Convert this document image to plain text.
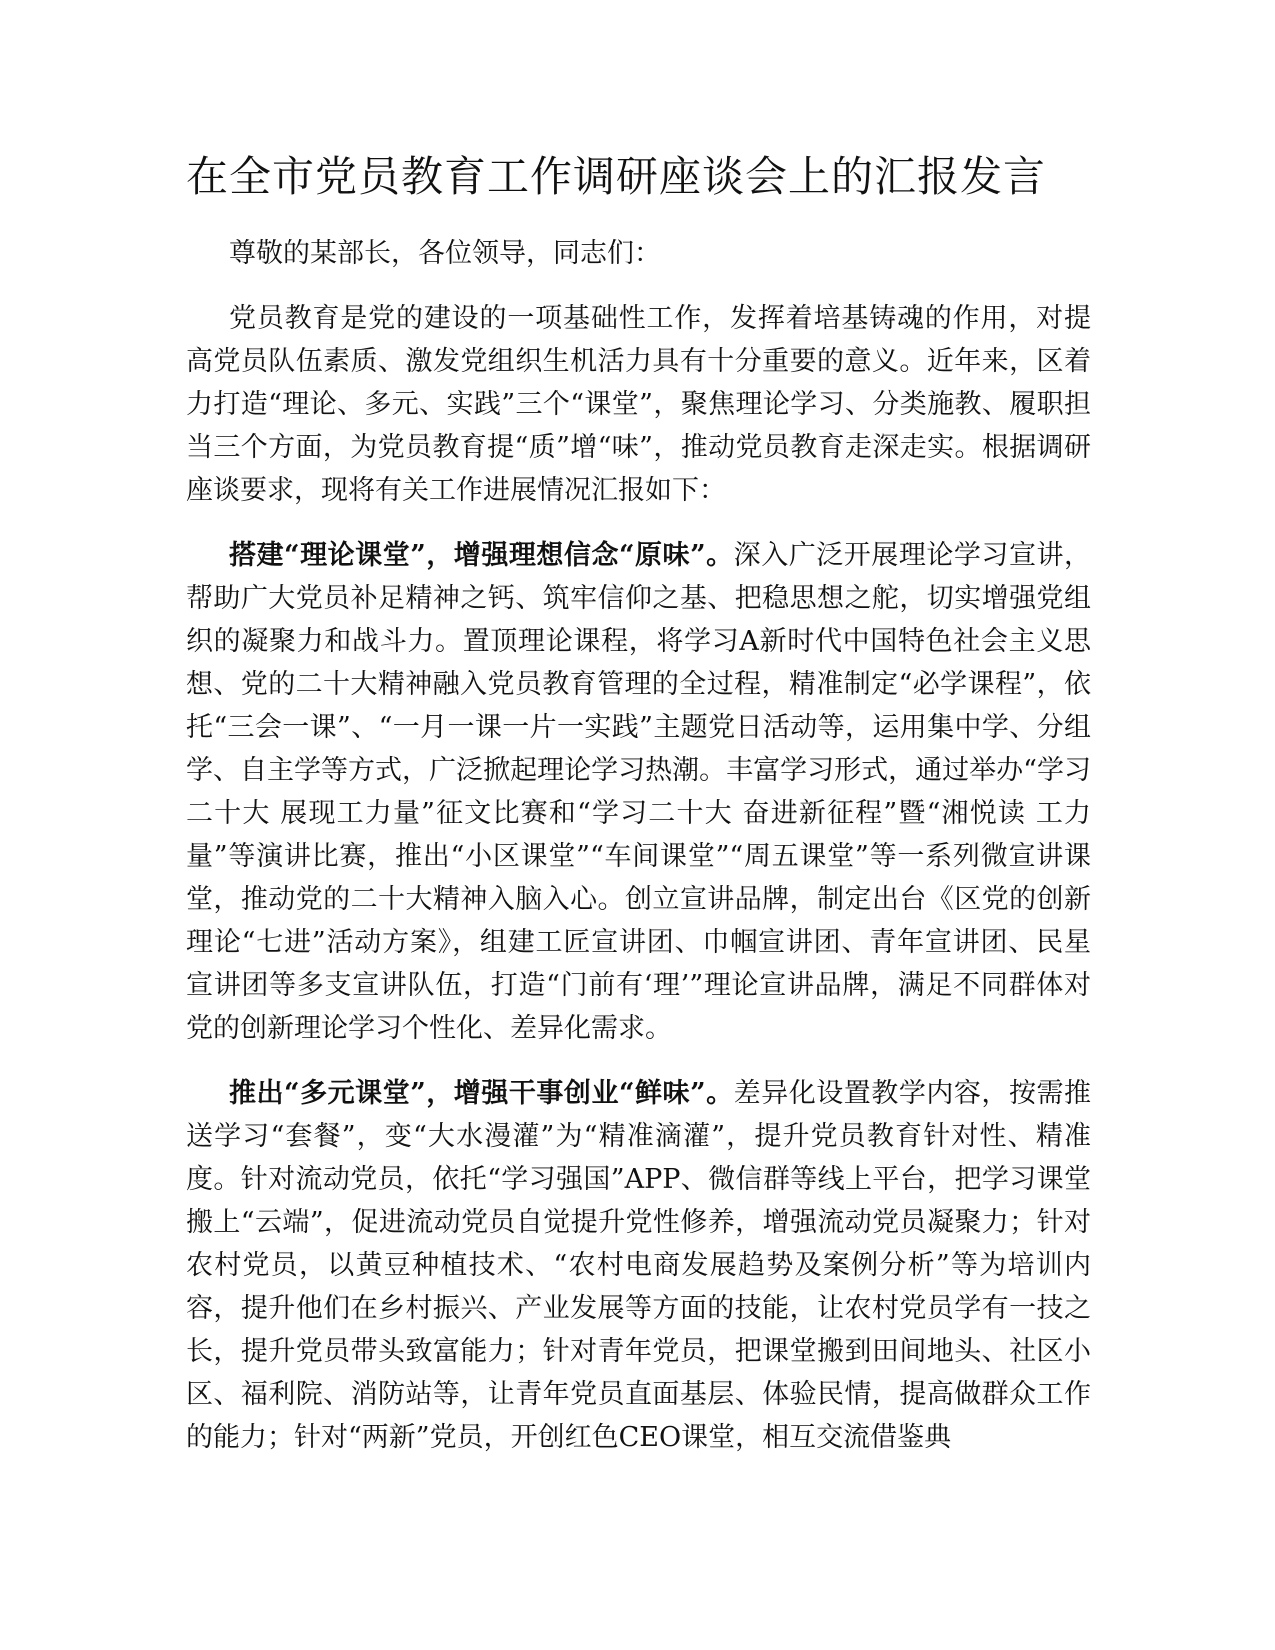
在全市党员教育工作调研座谈会上的汇报发言

尊敬的某部长，各位领导，同志们：

党员教育是党的建设的一项基础性工作，发挥着培基铸魂的作用，对提高党员队伍素质、激发党组织生机活力具有十分重要的意义。近年来，区着力打造“理论、多元、实践”三个“课堂”，聚焦理论学习、分类施教、履职担当三个方面，为党员教育提“质”增“味”，推动党员教育走深走实。根据调研座谈要求，现将有关工作进展情况汇报如下：

搭建“理论课堂”，增强理想信念“原味”。深入广泛开展理论学习宣讲，帮助广大党员补足精神之钙、筑牢信仰之基、把稳思想之舵，切实增强党组织的凝聚力和战斗力。置顶理论课程，将学习A新时代中国特色社会主义思想、党的二十大精神融入党员教育管理的全过程，精准制定“必学课程”，依托“三会一课”、“一月一课一片一实践”主题党日活动等，运用集中学、分组学、自主学等方式，广泛掀起理论学习热潮。丰富学习形式，通过举办“学习二十大 展现工力量”征文比赛和“学习二十大 奋进新征程”暨“湘悦读 工力量”等演讲比赛，推出“小区课堂”“车间课堂”“周五课堂”等一系列微宣讲课堂，推动党的二十大精神入脑入心。创立宣讲品牌，制定出台《区党的创新理论“七进”活动方案》，组建工匠宣讲团、巾帼宣讲团、青年宣讲团、民星宣讲团等多支宣讲队伍，打造“门前有‘理’”理论宣讲品牌，满足不同群体对党的创新理论学习个性化、差异化需求。

推出“多元课堂”，增强干事创业“鲜味”。差异化设置教学内容，按需推送学习“套餐”，变“大水漫灌”为“精准滴灌”，提升党员教育针对性、精准度。针对流动党员，依托“学习强国”APP、微信群等线上平台，把学习课堂搬上“云端”，促进流动党员自觉提升党性修养，增强流动党员凝聚力；针对农村党员，以黄豆种植技术、“农村电商发展趋势及案例分析”等为培训内容，提升他们在乡村振兴、产业发展等方面的技能，让农村党员学有一技之长，提升党员带头致富能力；针对青年党员，把课堂搬到田间地头、社区小区、福利院、消防站等，让青年党员直面基层、体验民情，提高做群众工作的能力；针对“两新”党员，开创红色CEO课堂，相互交流借鉴典
